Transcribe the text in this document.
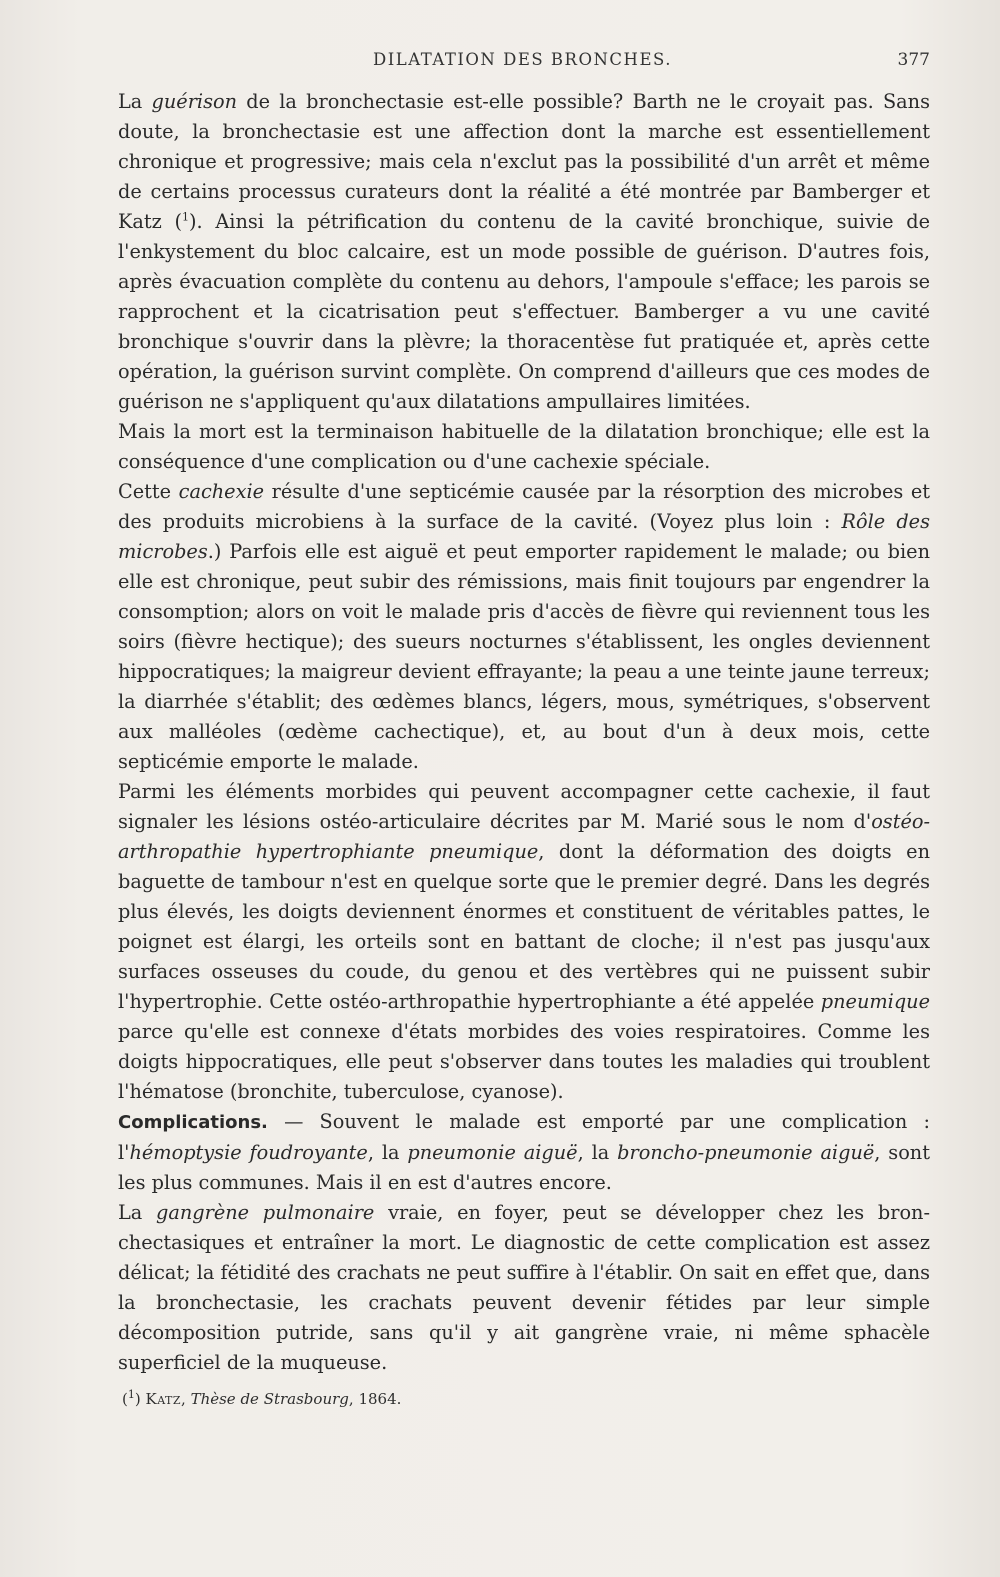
DILATATION DES BRONCHES.	377

La guérison de la bronchectasie est-elle possible? Barth ne le croyait pas. Sans doute, la bronchectasie est une affection dont la marche est essentiellement chronique et progressive; mais cela n'exclut pas la possibilité d'un arrêt et même de certains processus curateurs dont la réalité a été montrée par Bamberger et Katz ($^1$). Ainsi la pétrification du contenu de la cavité bronchique, suivie de l'enkystement du bloc calcaire, est un mode possible de guérison. D'autres fois, après évacuation complète du contenu au dehors, l'ampoule s'efface; les parois se rapprochent et la cicatrisation peut s'effectuer. Bamberger a vu une cavité bronchique s'ouvrir dans la plèvre; la thoracentèse fut pratiquée et, après cette opération, la guérison survint complète. On comprend d'ailleurs que ces modes de guérison ne s'appliquent qu'aux dilatations ampullaires limitées.

Mais la mort est la terminaison habituelle de la dilatation bronchique; elle est la conséquence d'une complication ou d'une cachexie spéciale.

Cette cachexie résulte d'une septicémie causée par la résorption des microbes et des produits microbiens à la surface de la cavité. (Voyez plus loin : Rôle des microbes.) Parfois elle est aiguë et peut emporter rapidement le malade; ou bien elle est chronique, peut subir des rémissions, mais finit toujours par engendrer la consomption; alors on voit le malade pris d'accès de fièvre qui reviennent tous les soirs (fièvre hectique); des sueurs nocturnes s'établissent, les ongles deviennent hippocratiques; la maigreur devient effrayante; la peau a une teinte jaune terreux; la diarrhée s'établit; des œdèmes blancs, légers, mous, symétriques, s'observent aux malléoles (œdème cachectique), et, au bout d'un à deux mois, cette septicémie emporte le malade.

Parmi les éléments morbides qui peuvent accompagner cette cachexie, il faut signaler les lésions ostéo-articulaire décrites par M. Marié sous le nom d'ostéo-arthropathie hypertrophiante pneumique, dont la déformation des doigts en baguette de tambour n'est en quelque sorte que le premier degré. Dans les degrés plus élevés, les doigts deviennent énormes et constituent de véritables pattes, le poignet est élargi, les orteils sont en battant de cloche; il n'est pas jusqu'aux surfaces osseuses du coude, du genou et des vertèbres qui ne puissent subir l'hypertrophie. Cette ostéo-arthropathie hypertrophiante a été appelée pneumique parce qu'elle est connexe d'états morbides des voies respiratoires. Comme les doigts hippocratiques, elle peut s'observer dans toutes les maladies qui troublent l'hématose (bronchite, tuberculose, cyanose).

Complications. — Souvent le malade est emporté par une complication : l'hémoptysie foudroyante, la pneumonie aiguë, la broncho-pneumonie aiguë, sont les plus communes. Mais il en est d'autres encore.

La gangrène pulmonaire vraie, en foyer, peut se développer chez les bronchectasiques et entraîner la mort. Le diagnostic de cette complication est assez délicat; la fétidité des crachats ne peut suffire à l'établir. On sait en effet que, dans la bronchectasie, les crachats peuvent devenir fétides par leur simple décomposition putride, sans qu'il y ait gangrène vraie, ni même sphacèle superficiel de la muqueuse.

($^1$) Katz, Thèse de Strasbourg, 1864.
